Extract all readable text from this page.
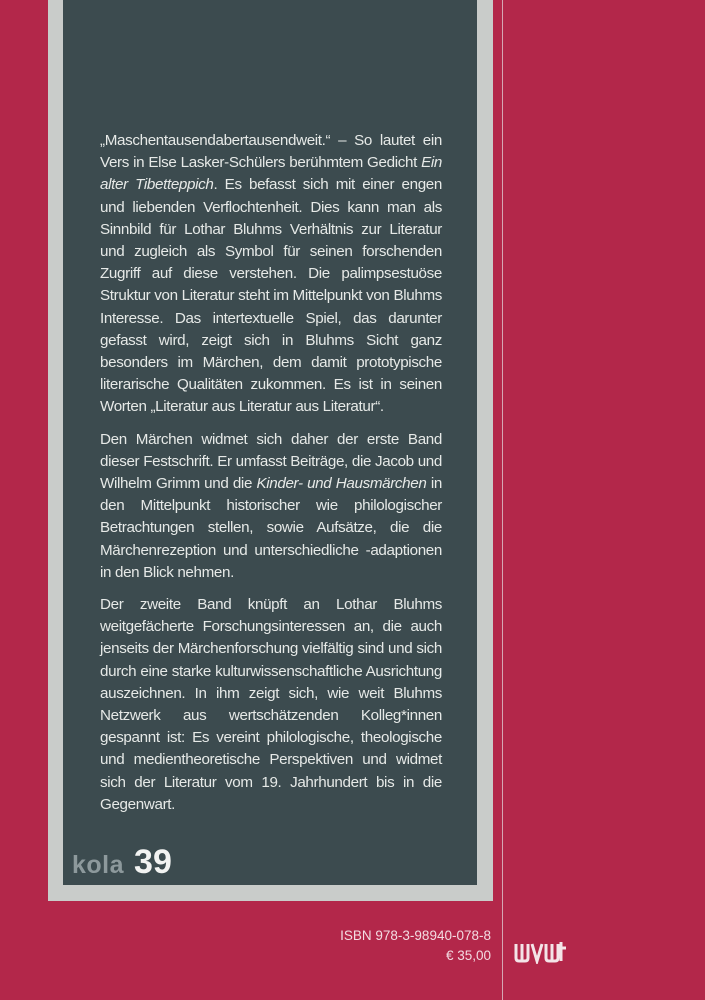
„Maschentausendabertausendweit.“ – So lautet ein Vers in Else Lasker-Schülers berühmtem Gedicht Ein alter Tibetteppich. Es befasst sich mit einer engen und liebenden Verflochtenheit. Dies kann man als Sinnbild für Lothar Bluhms Verhältnis zur Literatur und zugleich als Symbol für seinen forschenden Zugriff auf diese verstehen. Die palimpsestuöse Struktur von Literatur steht im Mittelpunkt von Bluhms Interesse. Das intertextuelle Spiel, das darunter gefasst wird, zeigt sich in Bluhms Sicht ganz besonders im Märchen, dem damit prototypische literarische Qualitäten zukommen. Es ist in seinen Worten „Literatur aus Literatur aus Literatur“.

Den Märchen widmet sich daher der erste Band dieser Festschrift. Er umfasst Beiträge, die Jacob und Wilhelm Grimm und die Kinder- und Hausmärchen in den Mittelpunkt historischer wie philologischer Betrachtungen stellen, sowie Aufsätze, die die Märchenrezeption und unterschiedliche -adaptionen in den Blick nehmen.

Der zweite Band knüpft an Lothar Bluhms weitgefächerte Forschungsinteressen an, die auch jenseits der Märchenforschung vielfältig sind und sich durch eine starke kulturwissenschaftliche Ausrichtung auszeichnen. In ihm zeigt sich, wie weit Bluhms Netzwerk aus wertschätzenden Kolleg*innen gespannt ist: Es vereint philologische, theologische und medientheoretische Perspektiven und widmet sich der Literatur vom 19. Jahrhundert bis in die Gegenwart.

kola 39
ISBN 978-3-98940-078-8
€ 35,00
